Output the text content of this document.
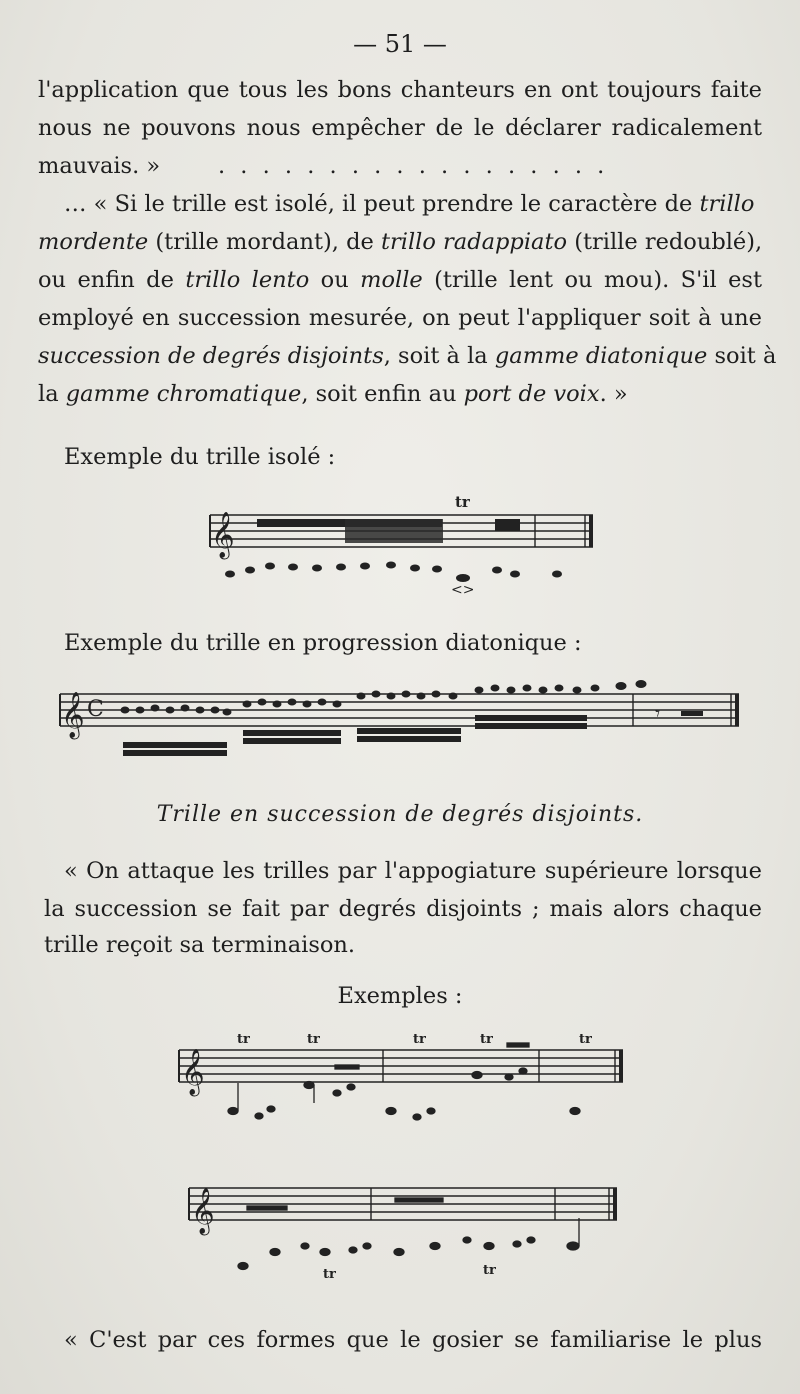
— 51 —
l'application que tous les bons chanteurs en ont toujours faite
nous ne pouvons nous empêcher de le déclarer radicalement
mauvais. »	. . . . . . . . . . . . . . . . . .
… « Si le trille est isolé, il peut prendre le caractère de trillo
mordente (trille mordant), de trillo radappiato (trille redoublé),
ou enfin de trillo lento ou molle (trille lent ou mou). S'il est
employé en succession mesurée, on peut l'appliquer soit à une
succession de degrés disjoints, soit à la gamme diatonique soit à
la gamme chromatique, soit enfin au port de voix. »
Exemple du trille isolé :
𝄞
tr
<>
Exemple du trille en progression diatonique :
𝄞 C	𝄾
Trille en succession de degrés disjoints.
« On attaque les trilles par l'appogiature supérieure lorsque
la succession se fait par degrés disjoints ; mais alors chaque
trille reçoit sa terminaison.
Exemples :
𝄞
tr	tr	tr	tr	tr
𝄞
tr	tr
« C'est par ces formes que le gosier se familiarise le plus
